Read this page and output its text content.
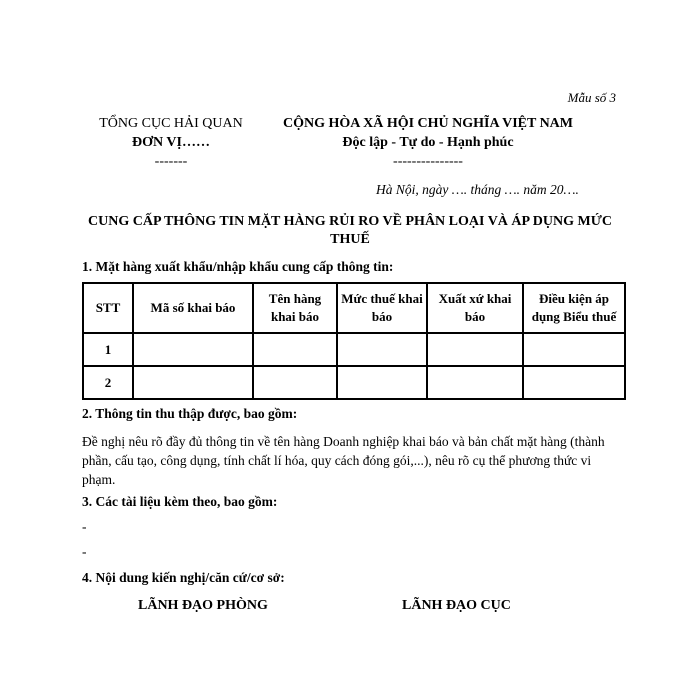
Mẫu số 3
TỔNG CỤC HẢI QUAN
ĐƠN VỊ……
-------
CỘNG HÒA XÃ HỘI CHỦ NGHĨA VIỆT NAM
Độc lập - Tự do - Hạnh phúc
---------------
Hà Nội, ngày …. tháng …. năm 20….
CUNG CẤP THÔNG TIN MẶT HÀNG RỦI RO VỀ PHÂN LOẠI VÀ ÁP DỤNG MỨC THUẾ
1. Mặt hàng xuất khẩu/nhập khẩu cung cấp thông tin:
STT	Mã số khai báo	Tên hàng khai báo	Mức thuế khai báo	Xuất xứ khai báo	Điều kiện áp dụng Biểu thuế
1					
2					
2. Thông tin thu thập được, bao gồm:
Đề nghị nêu rõ đầy đủ thông tin về tên hàng Doanh nghiệp khai báo và bản chất mặt hàng (thành phần, cấu tạo, công dụng, tính chất lí hóa, quy cách đóng gói,...), nêu rõ cụ thể phương thức vi phạm.
3. Các tài liệu kèm theo, bao gồm:
-
-
4. Nội dung kiến nghị/căn cứ/cơ sở:
LÃNH ĐẠO PHÒNG	LÃNH ĐẠO CỤC
